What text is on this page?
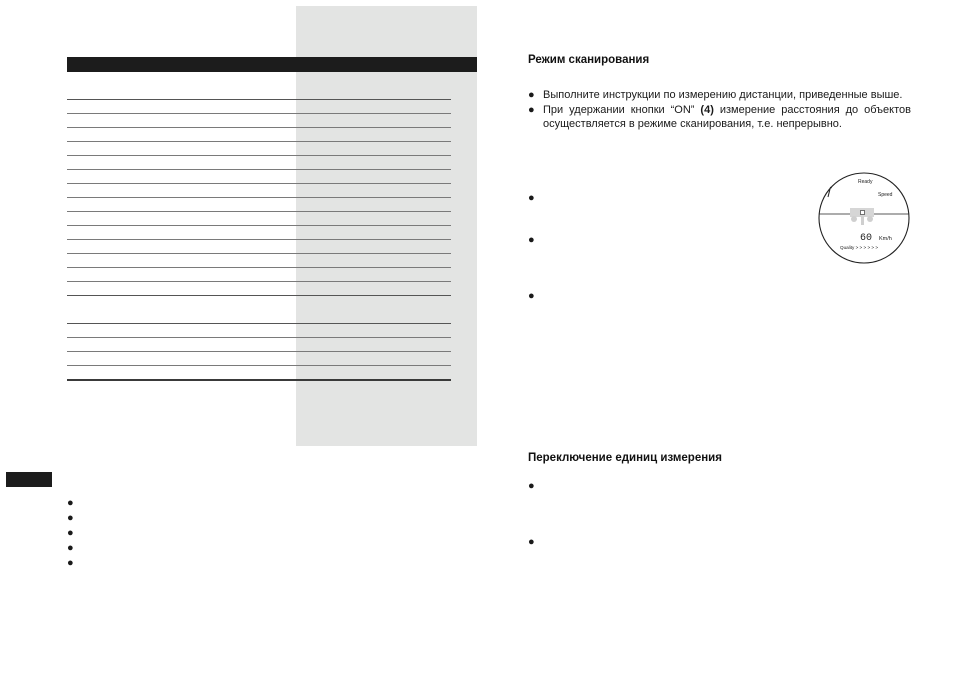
●
●
●
●
●
Режим сканирования
● Выполните инструкции по измерению дистанции, приведенные выше.
● При удержании кнопки “ON” (4) измерение расстояния до объектов осуществляется в режиме сканирования, т.е. непрерывно.
●
●
●
Ready
Speed
60 Km/h
Quality > > > > > >
Переключение единиц измерения
●
●
